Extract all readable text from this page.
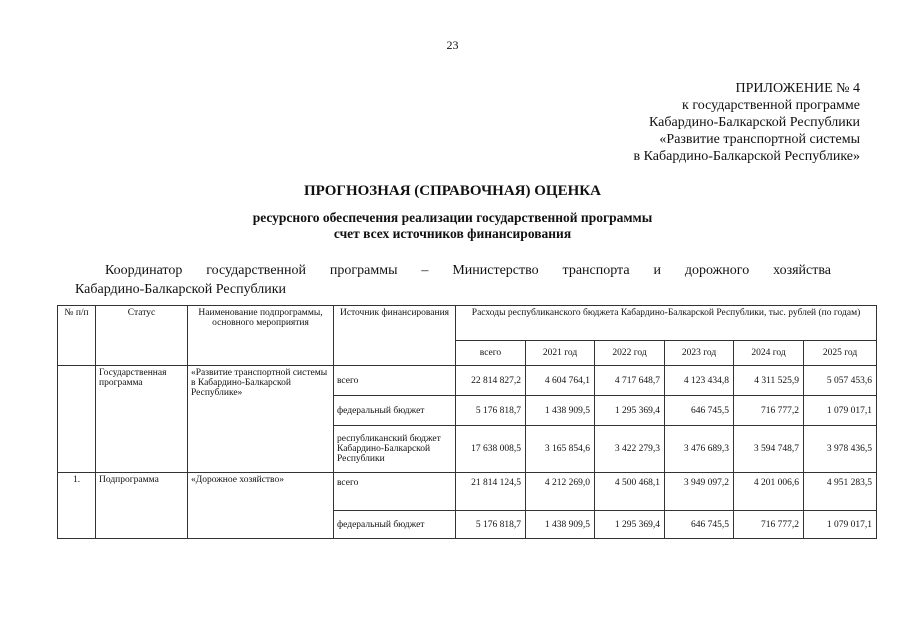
23
ПРИЛОЖЕНИЕ № 4
к государственной программе
Кабардино-Балкарской Республики
«Развитие транспортной системы
в Кабардино-Балкарской Республике»
ПРОГНОЗНАЯ (СПРАВОЧНАЯ) ОЦЕНКА
ресурсного обеспечения реализации государственной программы
счет всех источников финансирования
Координатор государственной программы – Министерство транспорта и дорожного хозяйства
Кабардино-Балкарской Республики
№ п/п	Статус	Наименование подпрограммы, основного мероприятия	Источник финансирования	Расходы республиканского бюджета Кабардино-Балкарской Республики, тыс. рублей (по годам)					
				всего	2021 год	2022 год	2023 год	2024 год	2025 год
	Государственная программа	«Развитие транспортной системы в Кабардино-Балкарской Республике»	всего	22 814 827,2	4 604 764,1	4 717 648,7	4 123 434,8	4 311 525,9	5 057 453,6
			федеральный бюджет	5 176 818,7	1 438 909,5	1 295 369,4	646 745,5	716 777,2	1 079 017,1
			республиканский бюджет Кабардино-Балкарской Республики	17 638 008,5	3 165 854,6	3 422 279,3	3 476 689,3	3 594 748,7	3 978 436,5
1.	Подпрограмма	«Дорожное хозяйство»	всего	21 814 124,5	4 212 269,0	4 500 468,1	3 949 097,2	4 201 006,6	4 951 283,5
			федеральный бюджет	5 176 818,7	1 438 909,5	1 295 369,4	646 745,5	716 777,2	1 079 017,1
